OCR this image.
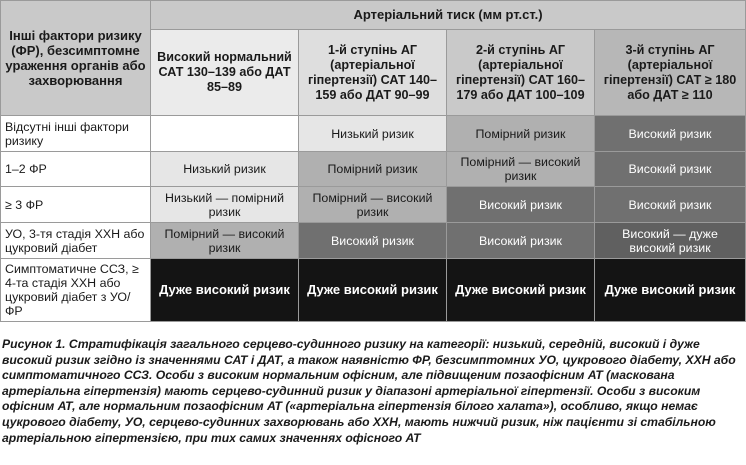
Інші фактори ризику (ФР), безсимптомне ураження органів або захворювання	Артеріальний тиск (мм рт.ст.)			
	Високий нормальний САТ 130–139 або ДАТ 85–89	1-й ступінь АГ (артеріальної гіпертензії) САТ 140–159 або ДАТ 90–99	2-й ступінь АГ (артеріальної гіпертензії) САТ 160–179 або ДАТ 100–109	3-й ступінь АГ (артеріальної гіпертензії) САТ ≥ 180 або ДАТ ≥ 110
Відсутні інші фактори ризику		Низький ризик	Помірний ризик	Високий ризик
1–2 ФР	Низький ризик	Помірний ризик	Помірний — високий ризик	Високий ризик
≥ 3 ФР	Низький — помірний ризик	Помірний — високий ризик	Високий ризик	Високий ризик
УО, 3-тя стадія ХХН або цукровий діабет	Помірний — високий ризик	Високий ризик	Високий ризик	Високий — дуже високий ризик
Симптоматичне ССЗ, ≥ 4-та стадія ХХН або цукровий діабет з УО/ФР	Дуже високий ризик	Дуже високий ризик	Дуже високий ризик	Дуже високий ризик
Рисунок 1. Стратифікація загального серцево-судинного ризику на категорії: низький, середній, високий і дуже високий ризик згідно із значеннями САТ і ДАТ, а також наявністю ФР, безсимптомних УО, цукрового діабету, ХХН або симптоматичного ССЗ. Особи з високим нормальним офісним, але підвищеним позаофісним АТ (маскована артеріальна гіпертензія) мають серцево-судинний ризик у діапазоні артеріальної гіпертензії. Особи з високим офісним АТ, але нормальним позаофісним АТ («артеріальна гіпертензія білого халата»), особливо, якщо немає цукрового діабету, УО, серцево-судинних захворювань або ХХН, мають нижчий ризик, ніж пацієнти зі стабільною артеріальною гіпертензією, при тих самих значеннях офісного АТ
